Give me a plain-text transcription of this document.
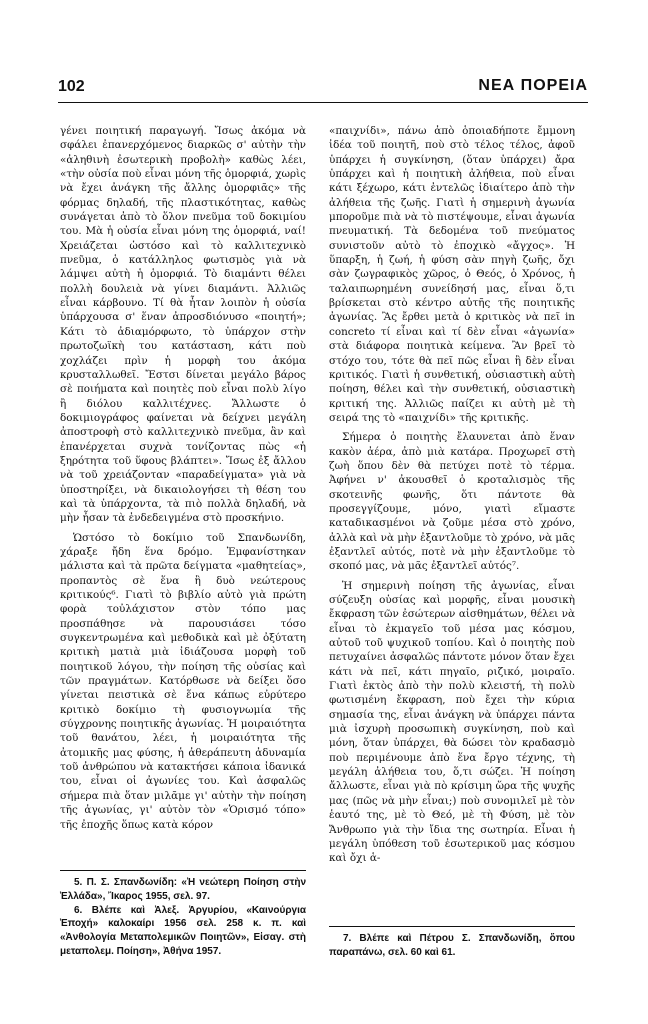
102	ΝΕΑ ΠΟΡΕΙΑ

γένει ποιητική παραγωγή. Ἴσως ἀκόμα νὰ σφάλει ἐπανερχόμενος διαρκῶς σ' αὐτὴν τὴν «ἀληθινὴ ἐσωτερικὴ προβολὴ» καθὼς λέει, «τὴν οὐσία ποὺ εἶναι μόνη τῆς ὁμορφιά, χωρὶς νὰ ἔχει ἀνάγκη τῆς ἄλλης ὁμορφιᾶς» τῆς φόρμας δηλαδή, τῆς πλαστικότητας, καθὼς συνάγεται ἀπὸ τὸ ὅλον πνεῦμα τοῦ δοκιμίου του. Μὰ ἡ οὐσία εἶναι μόνη της ὁμορφιά, ναί! Χρειάζεται ὡστόσο καὶ τὸ καλλιτεχνικὸ πνεῦμα, ὁ κατάλληλος φωτισμὸς γιὰ νὰ λάμψει αὐτὴ ἡ ὁμορφιά. Τὸ διαμάντι θέλει πολλὴ δουλειὰ νὰ γίνει διαμάντι. Ἀλλιῶς εἶναι κάρβουνο. Τί θὰ ἦταν λοιπὸν ἡ οὐσία ὑπάρχουσα σ' ἕναν ἀπροσδιόνυσο «ποιητή»; Κάτι τὸ ἀδιαμόρφωτο, τὸ ὑπάρχον στὴν πρωτοζωϊκὴ του κατάσταση, κάτι ποὺ χοχλάζει πρὶν ἡ μορφὴ του ἀκόμα κρυσταλλωθεῖ. Ἔστσι δίνεται μεγάλο βάρος σὲ ποιήματα καὶ ποιητὲς ποὺ εἶναι πολὺ λίγο ἢ διόλου καλλιτέχνες. Ἄλλωστε ὁ δοκιμιογράφος φαίνεται νὰ δείχνει μεγάλη ἀποστροφὴ στὸ καλλιτεχνικὸ πνεῦμα, ἂν καὶ ἐπανέρχεται συχνὰ τονίζοντας πὼς «ἡ ξηρότητα τοῦ ὕφους βλάπτει». Ἴσως ἐξ ἄλλου νὰ τοῦ χρειάζονταν «παραδείγματα» γιὰ νὰ ὑποστηρίξει, νὰ δικαιολογήσει τὴ θέση του καὶ τὰ ὑπάρχοντα, τὰ πιὸ πολλὰ δηλαδή, νὰ μὴν ἦσαν τὰ ἐνδεδειγμένα στὸ προσκήνιο.

Ὡστόσο τὸ δοκίμιο τοῦ Σπανδωνίδη, χάραξε ἤδη ἕνα δρόμο. Ἐμφανίστηκαν μάλιστα καὶ τὰ πρῶτα δείγματα «μαθητείας», προπαντὸς σὲ ἕνα ἢ δυὸ νεώτερους κριτικούς⁶. Γιατὶ τὸ βιβλίο αὐτὸ γιὰ πρώτη φορὰ τοὐλάχιστον στὸν τόπο μας προσπάθησε νὰ παρουσιάσει τόσο συγκεντρωμένα καὶ μεθοδικὰ καὶ μὲ ὀξύτατη κριτικὴ ματιὰ μιὰ ἰδιάζουσα μορφὴ τοῦ ποιητικοῦ λόγου, τὴν ποίηση τῆς οὐσίας καὶ τῶν πραγμάτων. Κατόρθωσε νὰ δείξει ὅσο γίνεται πειστικὰ σὲ ἕνα κάπως εὐρύτερο κριτικὸ δοκίμιο τὴ φυσιογνωμία τῆς σύγχρονης ποιητικῆς ἀγωνίας. Ἡ μοιραιότητα τοῦ θανάτου, λέει, ἡ μοιραιότητα τῆς ἀτομικῆς μας φύσης, ἡ ἀθεράπευτη ἀδυναμία τοῦ ἀνθρώπου νὰ κατακτήσει κάποια ἰδανικά του, εἶναι οἱ ἀγωνίες του. Καὶ ἀσφαλῶς σήμερα πιὰ ὅταν μιλᾶμε γι' αὐτὴν τὴν ποίηση τῆς ἀγωνίας, γι' αὐτὸν τὸν «Ὁρισμό τόπο» τῆς ἐποχῆς ὅπως κατὰ κόρον

«παιχνίδι», πάνω ἀπὸ ὁποιαδήποτε ἔμμονη ἰδέα τοῦ ποιητῆ, ποὺ στὸ τέλος τέλος, ἀφοῦ ὑπάρχει ἡ συγκίνηση, (ὅταν ὑπάρχει) ἄρα ὑπάρχει καὶ ἡ ποιητικὴ ἀλήθεια, ποὺ εἶναι κάτι ξέχωρο, κάτι ἐντελῶς ἰδιαίτερο ἀπὸ τὴν ἀλήθεια τῆς ζωῆς. Γιατὶ ἡ σημερινὴ ἀγωνία μποροῦμε πιὰ νὰ τὸ πιστέψουμε, εἶναι ἀγωνία πνευματική. Τὰ δεδομένα τοῦ πνεύματος συνιστοῦν αὐτὸ τὸ ἐποχικὸ «ἄγχος». Ἡ ὕπαρξη, ἡ ζωή, ἡ φύση σὰν πηγὴ ζωῆς, ὄχι σὰν ζωγραφικὸς χῶρος, ὁ Θεός, ὁ Χρόνος, ἡ ταλαιπωρημένη συνείδησή μας, εἶναι ὅ,τι βρίσκεται στὸ κέντρο αὐτῆς τῆς ποιητικῆς ἀγωνίας. Ἂς ἔρθει μετὰ ὁ κριτικὸς νὰ πεῖ in concreto τί εἶναι καὶ τί δὲν εἶναι «ἀγωνία» στὰ διάφορα ποιητικὰ κείμενα. Ἂν βρεῖ τὸ στόχο του, τότε θὰ πεῖ πῶς εἶναι ἢ δὲν εἶναι κριτικός. Γιατὶ ἡ συνθετική, οὐσιαστικὴ αὐτὴ ποίηση, θέλει καὶ τὴν συνθετική, οὐσιαστικὴ κριτική της. Ἀλλιῶς παίζει κι αὐτὴ μὲ τὴ σειρά της τὸ «παιχνίδι» τῆς κριτικῆς.

Σήμερα ὁ ποιητὴς ἔλαυνεται ἀπὸ ἕναν κακὸν ἀέρα, ἀπὸ μιὰ κατάρα. Προχωρεῖ στὴ ζωὴ ὅπου δὲν θὰ πετύχει ποτὲ τὸ τέρμα. Ἀφήνει ν' ἀκουσθεῖ ὁ κροταλισμὸς τῆς σκοτεινῆς φωνῆς, ὅτι πάντοτε θὰ προσεγγίζουμε, μόνο, γιατὶ εἴμαστε καταδικασμένοι νὰ ζοῦμε μέσα στὸ χρόνο, ἀλλὰ καὶ νὰ μὴν ἐξαντλοῦμε τὸ χρόνο, νὰ μᾶς ἐξαντλεῖ αὐτός, ποτὲ νὰ μὴν ἐξαντλοῦμε τὸ σκοπό μας, νὰ μᾶς ἐξαντλεῖ αὐτός⁷.

Ἡ σημερινὴ ποίηση τῆς ἀγωνίας, εἶναι σύζευξη οὐσίας καὶ μορφῆς, εἶναι μουσικὴ ἔκφραση τῶν ἐσώτερων αἰσθημάτων, θέλει νὰ εἶναι τὸ ἐκμαγεῖο τοῦ μέσα μας κόσμου, αὐτοῦ τοῦ ψυχικοῦ τοπίου. Καὶ ὁ ποιητὴς ποὺ πετυχαίνει ἀσφαλῶς πάντοτε μόνον ὅταν ἔχει κάτι νὰ πεῖ, κάτι πηγαῖο, ριζικό, μοιραῖο. Γιατὶ ἐκτὸς ἀπὸ τὴν πολὺ κλειστή, τὴ πολὺ φωτισμένη ἔκφραση, ποὺ ἔχει τὴν κύρια σημασία της, εἶναι ἀνάγκη νὰ ὑπάρχει πάντα μιὰ ἰσχυρὴ προσωπικὴ συγκίνηση, ποὺ καὶ μόνη, ὅταν ὑπάρχει, θὰ δώσει τὸν κραδασμὸ ποὺ περιμένουμε ἀπὸ ἕνα ἔργο τέχνης, τὴ μεγάλη ἀλήθεια του, ὅ,τι σώζει. Ἡ ποίηση ἄλλωστε, εἶναι γιὰ πὸ κρίσιμη ὥρα τῆς ψυχῆς μας (πῶς νὰ μὴν εἶναι;) ποὺ συνομιλεῖ μὲ τὸν ἑαυτό της, μὲ τὸ Θεό, μὲ τὴ Φύση, μὲ τὸν Ἄνθρωπο γιὰ τὴν ἴδια της σωτηρία. Εἶναι ἡ μεγάλη ὑπόθεση τοῦ ἐσωτερικοῦ μας κόσμου καὶ ὄχι ἁ-

5. Π. Σ. Σπανδωνίδη: «Ἡ νεώτερη Ποίηση στὴν Ἑλλάδα», Ἴκαρος 1955, σελ. 97.

6. Βλέπε καὶ Ἀλεξ. Ἀργυρίου, «Καινούργια Ἐποχή» καλοκαίρι 1956 σελ. 258 κ. π. καὶ «Ἀνθολογία Μεταπολεμικῶν Ποιητῶν», Εἰσαγ. στὴ μεταπολεμ. Ποίηση», Ἀθήνα 1957.

7. Βλέπε καὶ Πέτρου Σ. Σπανδωνίδη, ὅπου παραπάνω, σελ. 60 καὶ 61.
